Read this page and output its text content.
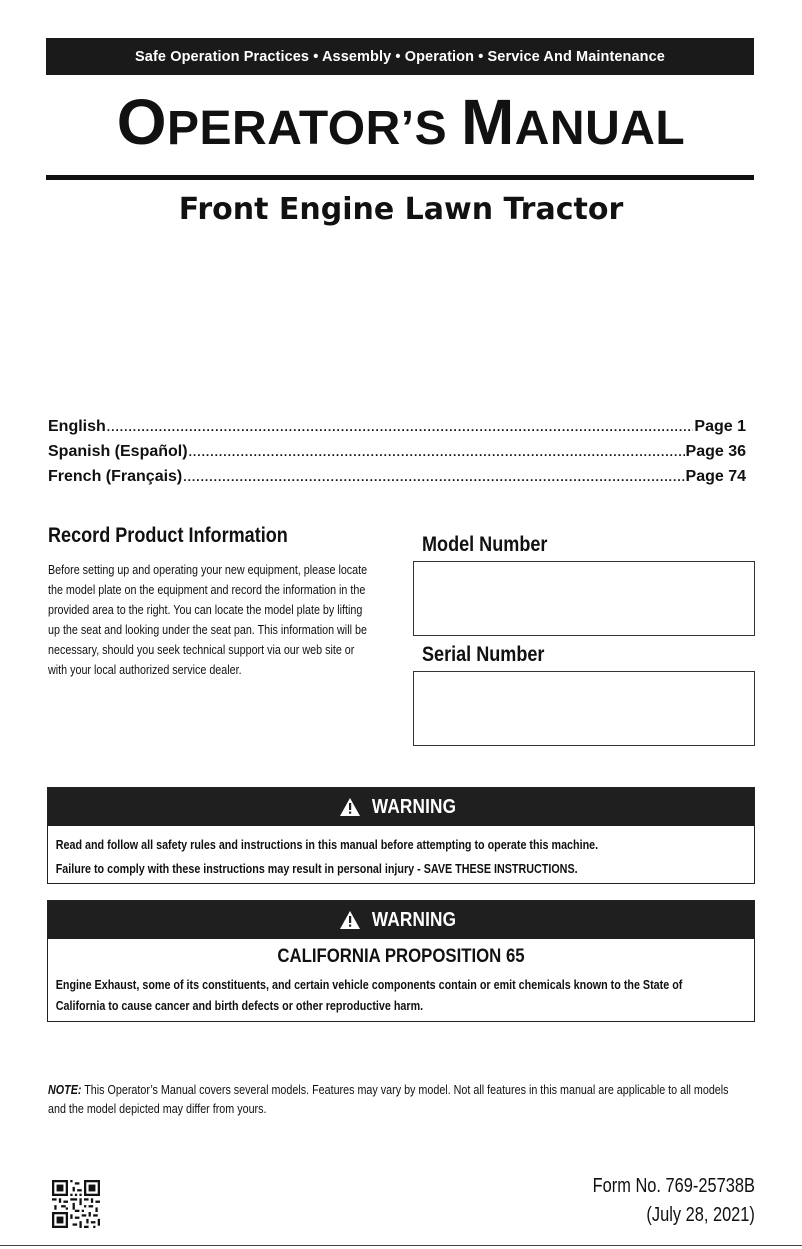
Safe Operation Practices • Assembly • Operation • Service And Maintenance
OPERATOR’S MANUAL
Front Engine Lawn Tractor
English .....	Page 1
Spanish (Español) .....	Page 36
French (Français) .....	Page 74
Record Product Information
Before setting up and operating your new equipment, please locate the model plate on the equipment and record the information in the provided area to the right. You can locate the model plate by lifting up the seat and looking under the seat pan. This information will be necessary, should you seek technical support via our web site or with your local authorized service dealer.
Model Number
Serial Number
WARNING
Read and follow all safety rules and instructions in this manual before attempting to operate this machine.
Failure to comply with these instructions may result in personal injury - SAVE THESE INSTRUCTIONS.
WARNING
CALIFORNIA PROPOSITION 65
Engine Exhaust, some of its constituents, and certain vehicle components contain or emit chemicals known to the State of
California to cause cancer and birth defects or other reproductive harm.
NOTE: This Operator’s Manual covers several models. Features may vary by model. Not all features in this manual are applicable to all models and the model depicted may differ from yours.
Form No. 769-25738B
(July 28, 2021)
